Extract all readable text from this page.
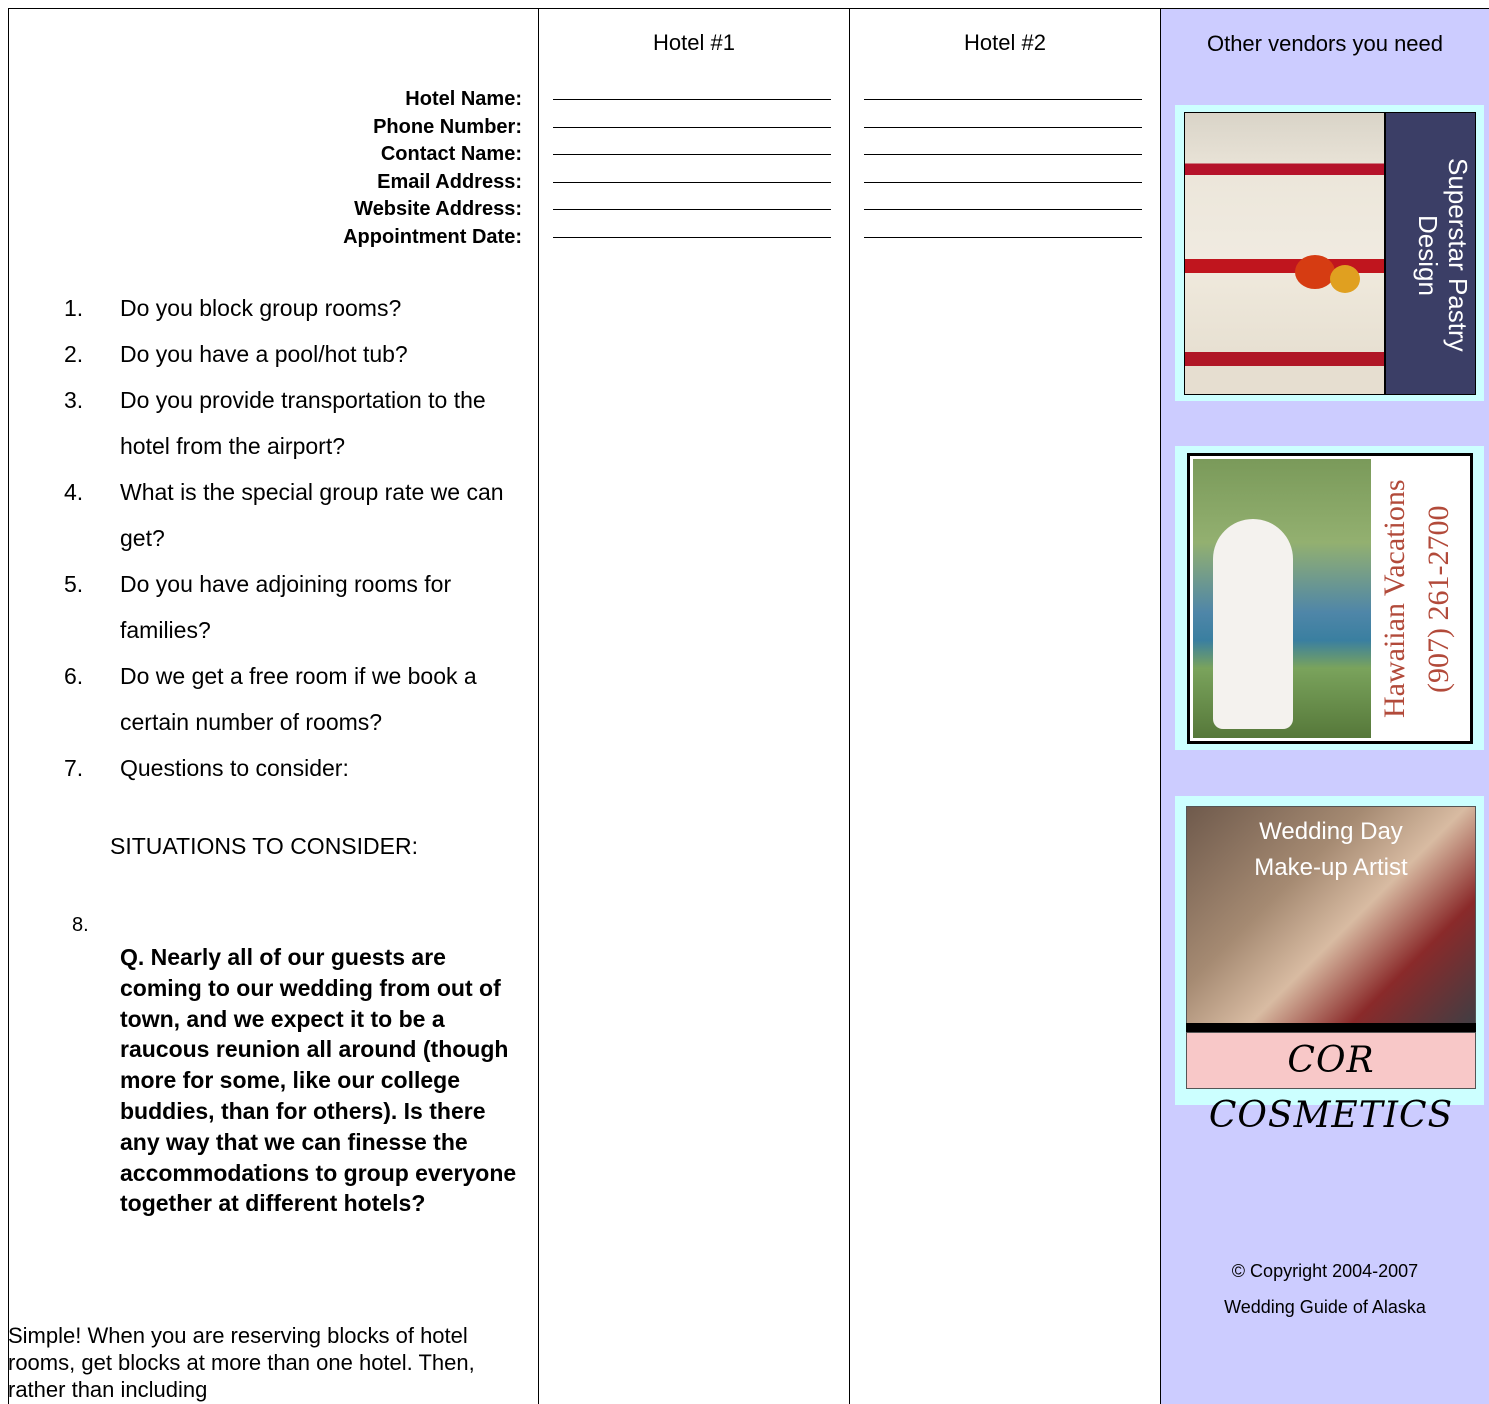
Hotel Name:
Phone Number:
Contact Name:
Email Address:
Website Address:
Appointment Date:
1.	Do you block group rooms?
2.	Do you have a pool/hot tub?
3.	Do you provide transportation to the hotel from the airport?
4.	What is the special group rate we can get?
5.	Do you have adjoining rooms for families?
6.	Do we get a free room if we book a certain number of rooms?
7.	Questions to consider:
SITUATIONS TO CONSIDER:
8.
Q. Nearly all of our guests are coming to our wedding from out of town, and we expect it to be a raucous reunion all around (though more for some, like our college buddies, than for others). Is there any way that we can finesse the accommodations to group everyone together at different hotels?
Simple! When you are reserving blocks of hotel rooms, get blocks at more than one hotel. Then, rather than including
Hotel #1	Hotel #2	Other vendors you need
Superstar Pastry Design
Hawaiian Vacations (907) 261-2700
Wedding Day
Make-up Artist
COR COSMETICS
© Copyright 2004-2007
Wedding Guide of Alaska
